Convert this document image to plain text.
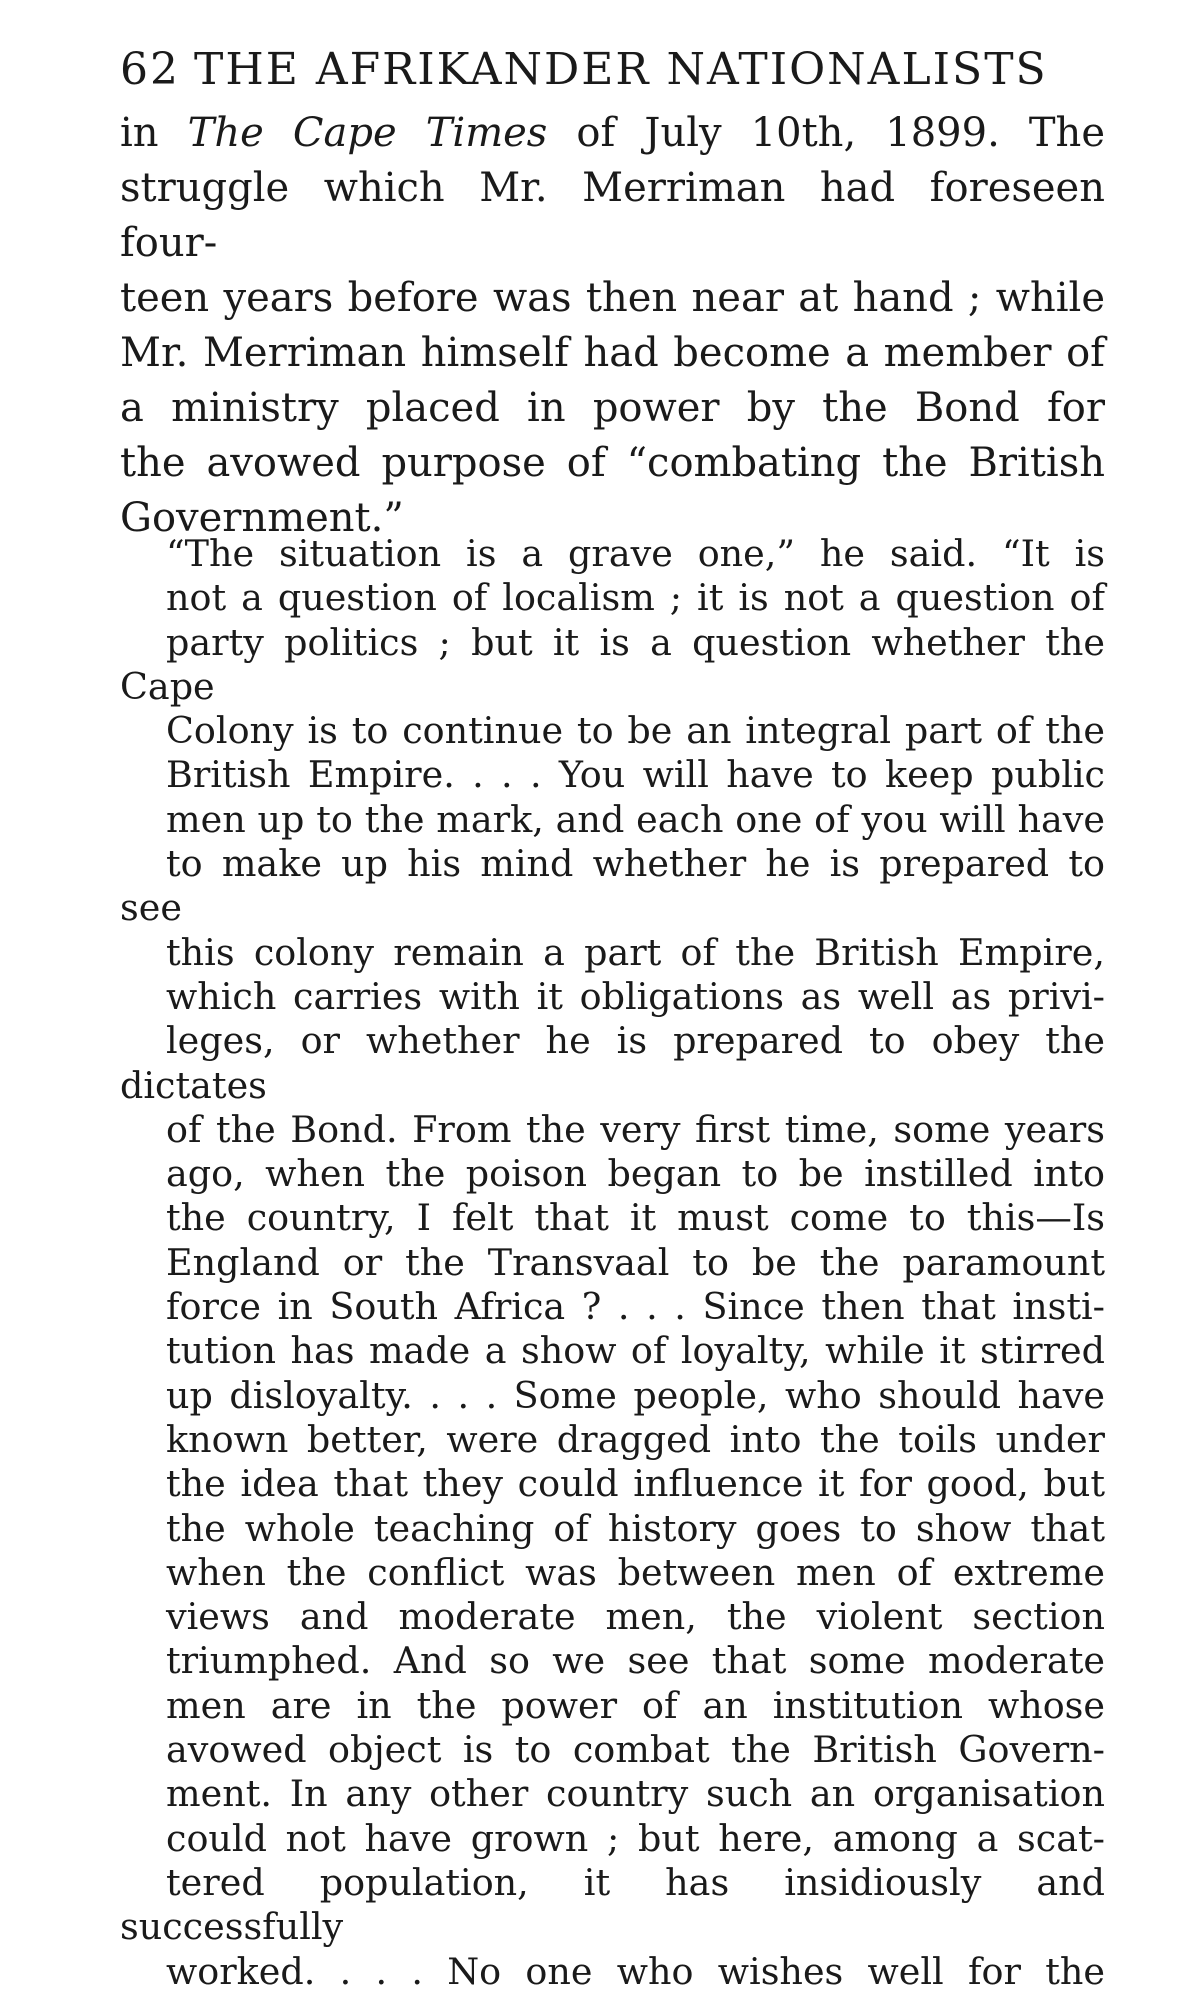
62 THE AFRIKANDER NATIONALISTS
in The Cape Times of July 10th, 1899. The
struggle which Mr. Merriman had foreseen four-
teen years before was then near at hand ; while
Mr. Merriman himself had become a member of
a ministry placed in power by the Bond for
the avowed purpose of “combating the British
Government.”
“The situation is a grave one,” he said. “It is
not a question of localism ; it is not a question of
party politics ; but it is a question whether the Cape
Colony is to continue to be an integral part of the
British Empire. . . . You will have to keep public
men up to the mark, and each one of you will have
to make up his mind whether he is prepared to see
this colony remain a part of the British Empire,
which carries with it obligations as well as privi-
leges, or whether he is prepared to obey the dictates
of the Bond. From the very first time, some years
ago, when the poison began to be instilled into
the country, I felt that it must come to this—Is
England or the Transvaal to be the paramount
force in South Africa ? . . . Since then that insti-
tution has made a show of loyalty, while it stirred
up disloyalty. . . . Some people, who should have
known better, were dragged into the toils under
the idea that they could influence it for good, but
the whole teaching of history goes to show that
when the conflict was between men of extreme
views and moderate men, the violent section
triumphed. And so we see that some moderate
men are in the power of an institution whose
avowed object is to combat the British Govern-
ment. In any other country such an organisation
could not have grown ; but here, among a scat-
tered population, it has insidiously and successfully
worked. . . . No one who wishes well for the
